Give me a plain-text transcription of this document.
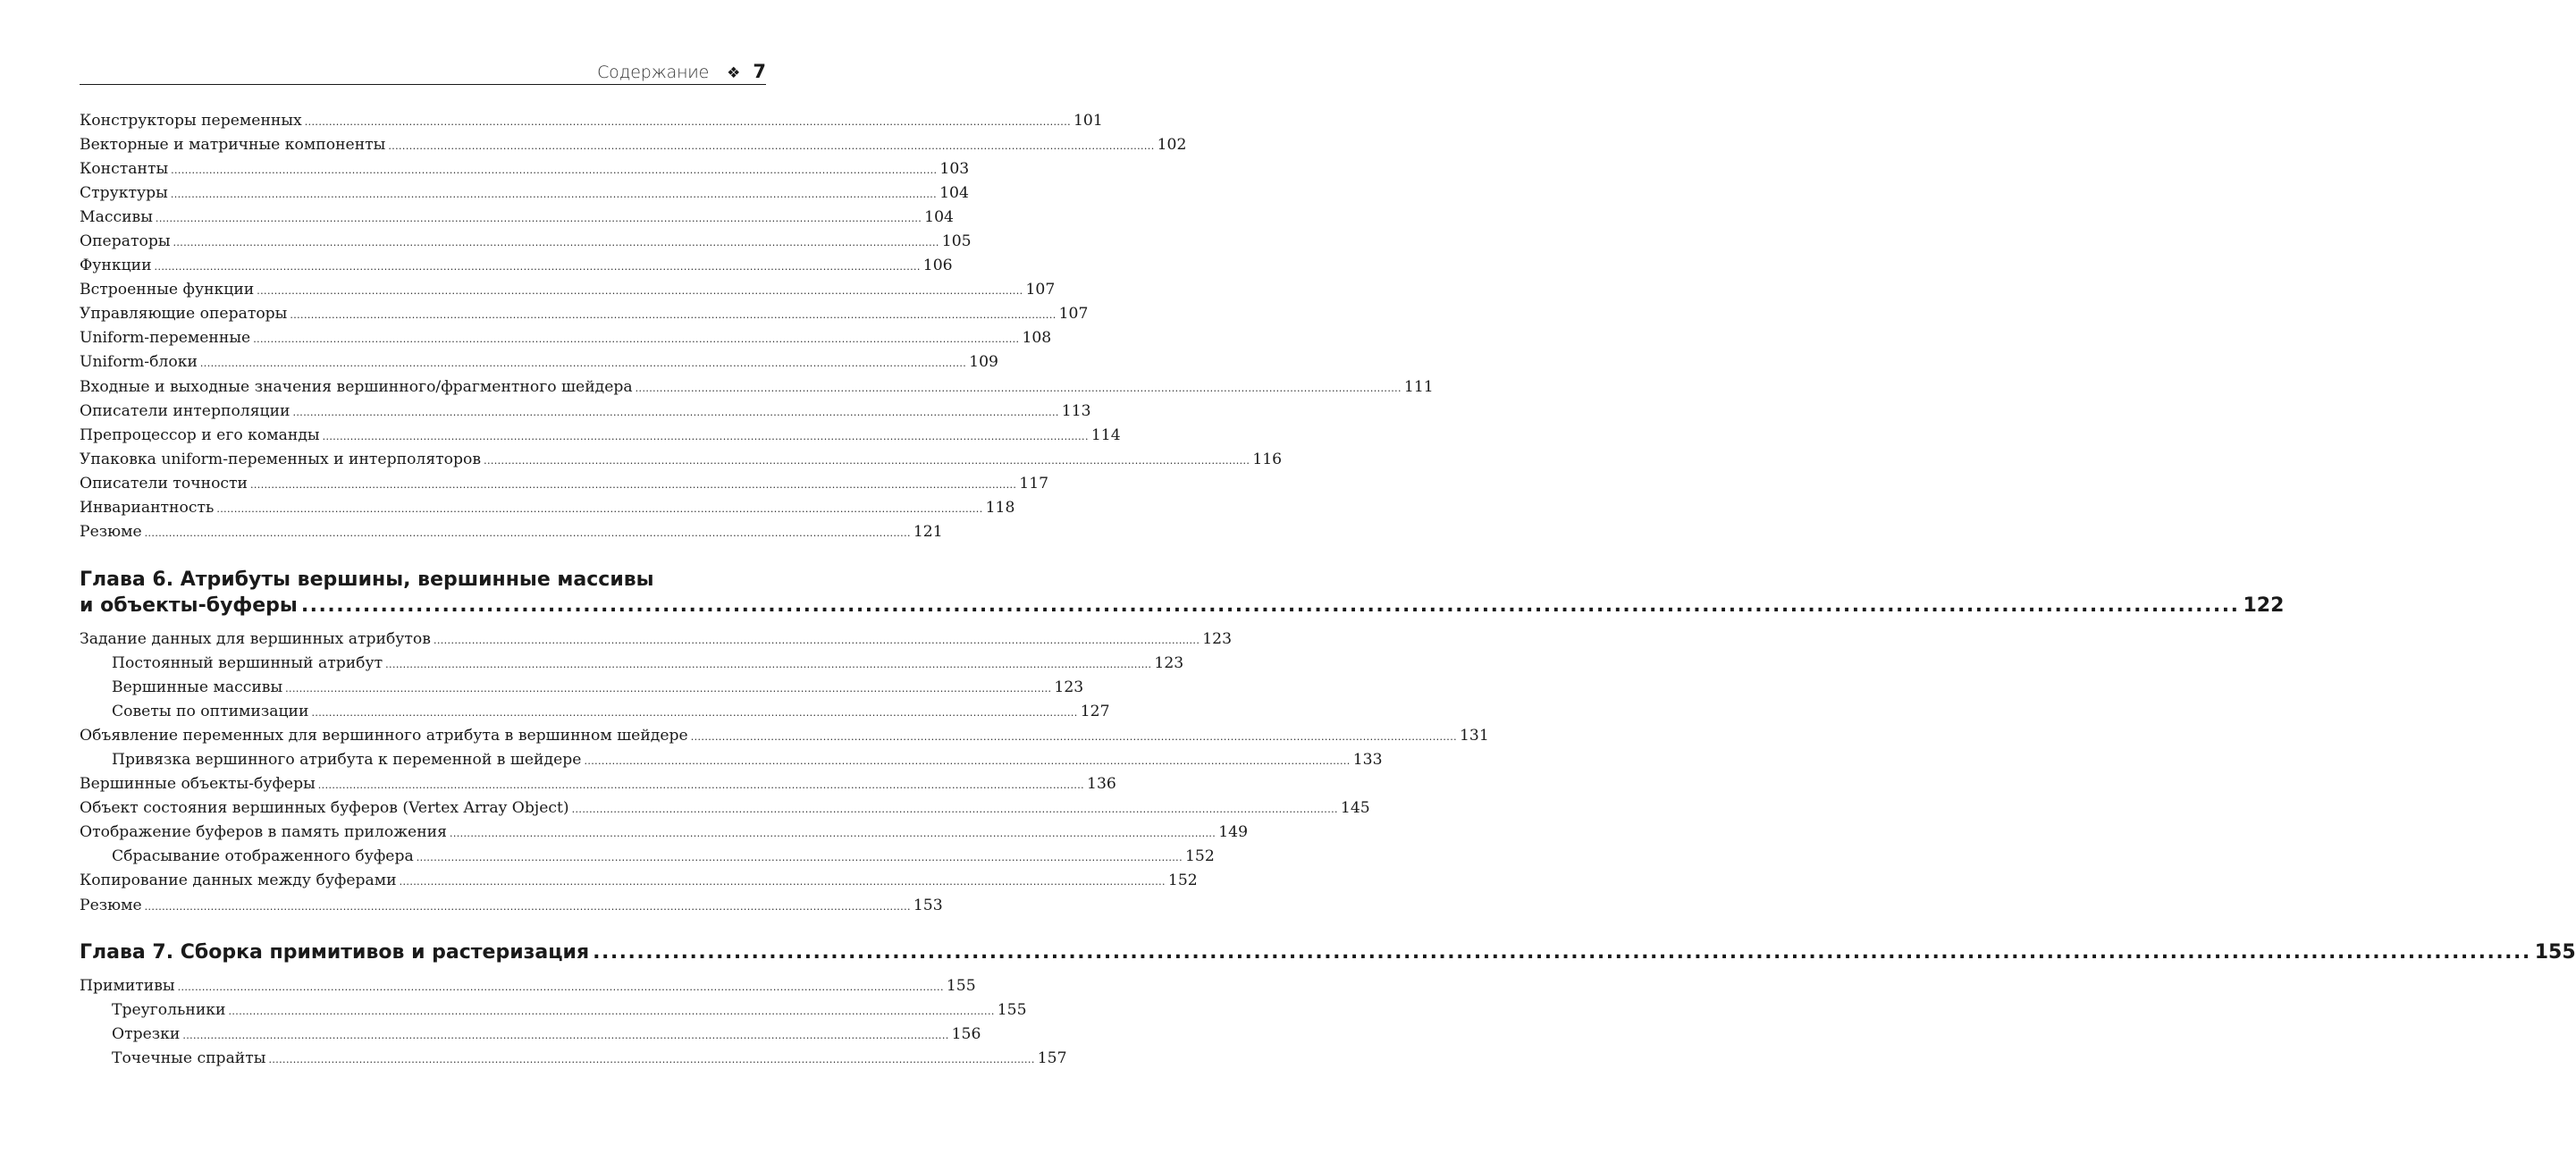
Содержание ❖ 7
Конструкторы переменных ............................................................................................................................................................................................................................ 101
Векторные и матричные компоненты ............................................................................................................................................................................................................................ 102
Константы ............................................................................................................................................................................................................................ 103
Структуры ............................................................................................................................................................................................................................ 104
Массивы ............................................................................................................................................................................................................................ 104
Операторы ............................................................................................................................................................................................................................ 105
Функции ............................................................................................................................................................................................................................ 106
Встроенные функции ............................................................................................................................................................................................................................ 107
Управляющие операторы ............................................................................................................................................................................................................................ 107
Uniform-переменные ............................................................................................................................................................................................................................ 108
Uniform-блоки ............................................................................................................................................................................................................................ 109
Входные и выходные значения вершинного/фрагментного шейдера ............................................................................................................................................................................................................................ 111
Описатели интерполяции ............................................................................................................................................................................................................................ 113
Препроцессор и его команды ............................................................................................................................................................................................................................ 114
Упаковка uniform-переменных и интерполяторов ............................................................................................................................................................................................................................ 116
Описатели точности ............................................................................................................................................................................................................................ 117
Инвариантность ............................................................................................................................................................................................................................ 118
Резюме ............................................................................................................................................................................................................................ 121
Глава 6. Атрибуты вершины, вершинные массивы
и объекты-буферы ............................................................................................................................................................................................................................ 122
Задание данных для вершинных атрибутов ............................................................................................................................................................................................................................ 123
Постоянный вершинный атрибут ............................................................................................................................................................................................................................ 123
Вершинные массивы ............................................................................................................................................................................................................................ 123
Советы по оптимизации ............................................................................................................................................................................................................................ 127
Объявление переменных для вершинного атрибута в вершинном шейдере ............................................................................................................................................................................................................................ 131
Привязка вершинного атрибута к переменной в шейдере ............................................................................................................................................................................................................................ 133
Вершинные объекты-буферы ............................................................................................................................................................................................................................ 136
Объект состояния вершинных буферов (Vertex Array Object) ............................................................................................................................................................................................................................ 145
Отображение буферов в память приложения ............................................................................................................................................................................................................................ 149
Сбрасывание отображенного буфера ............................................................................................................................................................................................................................ 152
Копирование данных между буферами ............................................................................................................................................................................................................................ 152
Резюме ............................................................................................................................................................................................................................ 153
Глава 7. Сборка примитивов и растеризация ............................................................................................................................................................................................................................ 155
Примитивы ............................................................................................................................................................................................................................ 155
Треугольники ............................................................................................................................................................................................................................ 155
Отрезки ............................................................................................................................................................................................................................ 156
Точечные спрайты ............................................................................................................................................................................................................................ 157
